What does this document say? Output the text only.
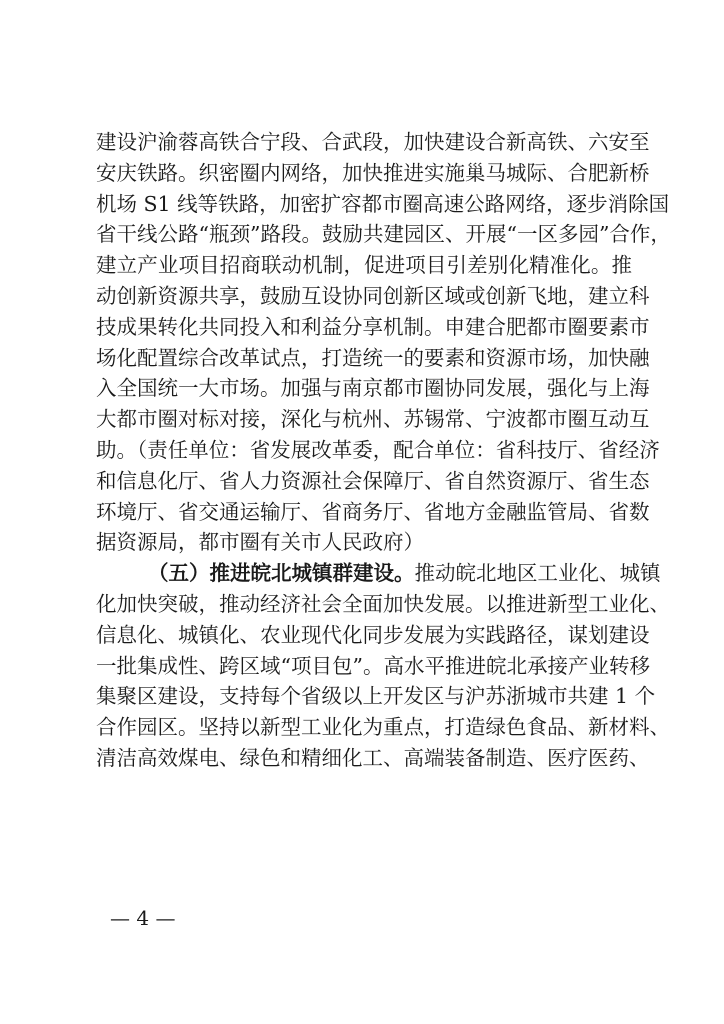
建设沪渝蓉高铁合宁段、合武段，加快建设合新高铁、六安至
安庆铁路。织密圈内网络，加快推进实施巢马城际、合肥新桥
机场 S1 线等铁路，加密扩容都市圈高速公路网络，逐步消除国
省干线公路“瓶颈”路段。鼓励共建园区、开展“一区多园”合作，
建立产业项目招商联动机制，促进项目引差别化精准化。推
动创新资源共享，鼓励互设协同创新区域或创新飞地，建立科
技成果转化共同投入和利益分享机制。申建合肥都市圈要素市
场化配置综合改革试点，打造统一的要素和资源市场，加快融
入全国统一大市场。加强与南京都市圈协同发展，强化与上海
大都市圈对标对接，深化与杭州、苏锡常、宁波都市圈互动互
助。（责任单位：省发展改革委，配合单位：省科技厅、省经济
和信息化厅、省人力资源社会保障厅、省自然资源厅、省生态
环境厅、省交通运输厅、省商务厅、省地方金融监管局、省数
据资源局，都市圈有关市人民政府）
（五）推进皖北城镇群建设。推动皖北地区工业化、城镇
化加快突破，推动经济社会全面加快发展。以推进新型工业化、
信息化、城镇化、农业现代化同步发展为实践路径，谋划建设
一批集成性、跨区域“项目包”。高水平推进皖北承接产业转移
集聚区建设，支持每个省级以上开发区与沪苏浙城市共建 1 个
合作园区。坚持以新型工业化为重点，打造绿色食品、新材料、
清洁高效煤电、绿色和精细化工、高端装备制造、医疗医药、
— 4 —
